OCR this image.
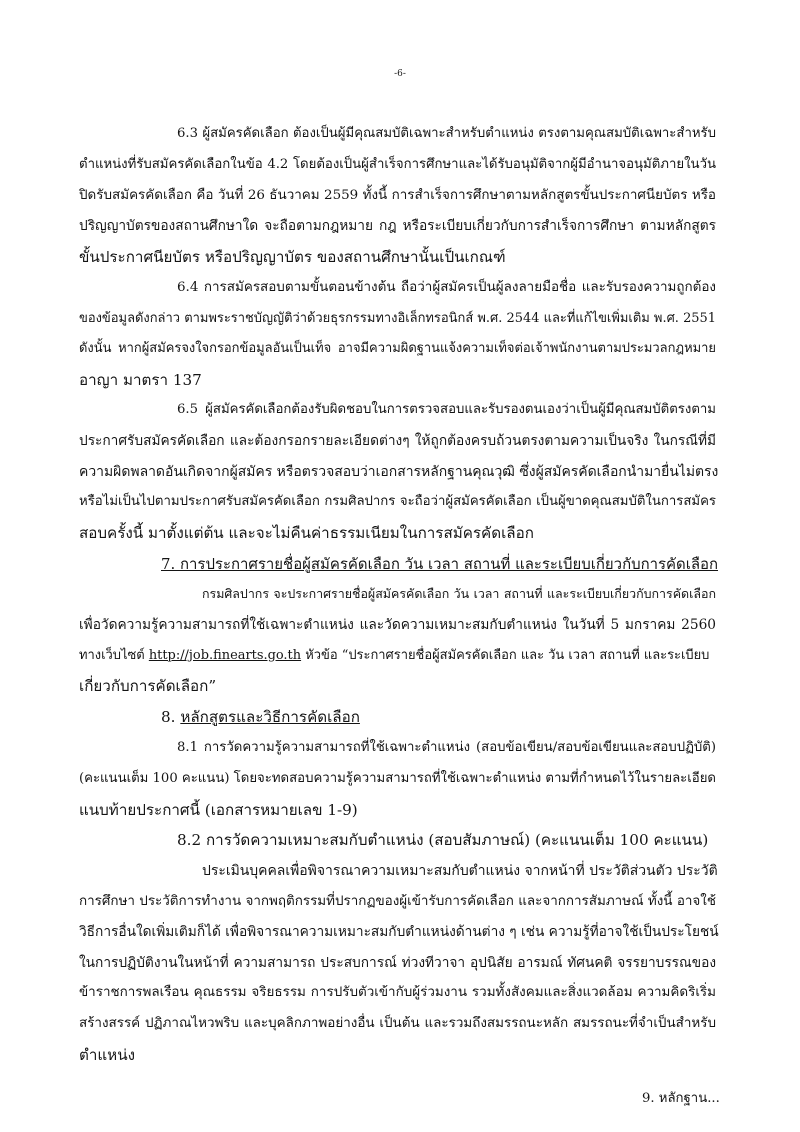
-6-
6.3 ผู้สมัครคัดเลือก ต้องเป็นผู้มีคุณสมบัติเฉพาะสำหรับตำแหน่ง ตรงตามคุณสมบัติเฉพาะสำหรับ
ตำแหน่งที่รับสมัครคัดเลือกในข้อ 4.2 โดยต้องเป็นผู้สำเร็จการศึกษาและได้รับอนุมัติจากผู้มีอำนาจอนุมัติภายในวัน
ปิดรับสมัครคัดเลือก คือ วันที่ 26 ธันวาคม 2559 ทั้งนี้ การสำเร็จการศึกษาตามหลักสูตรขั้นประกาศนียบัตร หรือ
ปริญญาบัตรของสถานศึกษาใด จะถือตามกฎหมาย กฎ หรือระเบียบเกี่ยวกับการสำเร็จการศึกษา ตามหลักสูตร
ขั้นประกาศนียบัตร หรือปริญญาบัตร ของสถานศึกษานั้นเป็นเกณฑ์
6.4 การสมัครสอบตามขั้นตอนข้างต้น ถือว่าผู้สมัครเป็นผู้ลงลายมือชื่อ และรับรองความถูกต้อง
ของข้อมูลดังกล่าว ตามพระราชบัญญัติว่าด้วยธุรกรรมทางอิเล็กทรอนิกส์ พ.ศ. 2544 และที่แก้ไขเพิ่มเติม พ.ศ. 2551
ดังนั้น หากผู้สมัครจงใจกรอกข้อมูลอันเป็นเท็จ อาจมีความผิดฐานแจ้งความเท็จต่อเจ้าพนักงานตามประมวลกฎหมาย
อาญา มาตรา 137
6.5 ผู้สมัครคัดเลือกต้องรับผิดชอบในการตรวจสอบและรับรองตนเองว่าเป็นผู้มีคุณสมบัติตรงตาม
ประกาศรับสมัครคัดเลือก และต้องกรอกรายละเอียดต่างๆ ให้ถูกต้องครบถ้วนตรงตามความเป็นจริง ในกรณีที่มี
ความผิดพลาดอันเกิดจากผู้สมัคร หรือตรวจสอบว่าเอกสารหลักฐานคุณวุฒิ ซึ่งผู้สมัครคัดเลือกนำมายื่นไม่ตรง
หรือไม่เป็นไปตามประกาศรับสมัครคัดเลือก กรมศิลปากร จะถือว่าผู้สมัครคัดเลือก เป็นผู้ขาดคุณสมบัติในการสมัคร
สอบครั้งนี้ มาตั้งแต่ต้น และจะไม่คืนค่าธรรมเนียมในการสมัครคัดเลือก
7. การประกาศรายชื่อผู้สมัครคัดเลือก วัน เวลา สถานที่ และระเบียบเกี่ยวกับการคัดเลือก
กรมศิลปากร จะประกาศรายชื่อผู้สมัครคัดเลือก วัน เวลา สถานที่ และระเบียบเกี่ยวกับการคัดเลือก
เพื่อวัดความรู้ความสามารถที่ใช้เฉพาะตำแหน่ง และวัดความเหมาะสมกับตำแหน่ง ในวันที่ 5 มกราคม 2560
ทางเว็บไซต์ http://job.finearts.go.th หัวข้อ “ประกาศรายชื่อผู้สมัครคัดเลือก และ วัน เวลา สถานที่ และระเบียบ
เกี่ยวกับการคัดเลือก”
8. หลักสูตรและวิธีการคัดเลือก
8.1 การวัดความรู้ความสามารถที่ใช้เฉพาะตำแหน่ง (สอบข้อเขียน/สอบข้อเขียนและสอบปฏิบัติ)
(คะแนนเต็ม 100 คะแนน) โดยจะทดสอบความรู้ความสามารถที่ใช้เฉพาะตำแหน่ง ตามที่กำหนดไว้ในรายละเอียด
แนบท้ายประกาศนี้ (เอกสารหมายเลข 1-9)
8.2 การวัดความเหมาะสมกับตำแหน่ง (สอบสัมภาษณ์) (คะแนนเต็ม 100 คะแนน)
ประเมินบุคคลเพื่อพิจารณาความเหมาะสมกับตำแหน่ง จากหน้าที่ ประวัติส่วนตัว ประวัติ
การศึกษา ประวัติการทำงาน จากพฤติกรรมที่ปรากฏของผู้เข้ารับการคัดเลือก และจากการสัมภาษณ์ ทั้งนี้ อาจใช้
วิธีการอื่นใดเพิ่มเติมก็ได้ เพื่อพิจารณาความเหมาะสมกับตำแหน่งด้านต่าง ๆ เช่น ความรู้ที่อาจใช้เป็นประโยชน์
ในการปฏิบัติงานในหน้าที่ ความสามารถ ประสบการณ์ ท่วงทีวาจา อุปนิสัย อารมณ์ ทัศนคติ จรรยาบรรณของ
ข้าราชการพลเรือน คุณธรรม จริยธรรม การปรับตัวเข้ากับผู้ร่วมงาน รวมทั้งสังคมและสิ่งแวดล้อม ความคิดริเริ่ม
สร้างสรรค์ ปฏิภาณไหวพริบ และบุคลิกภาพอย่างอื่น เป็นต้น และรวมถึงสมรรถนะหลัก สมรรถนะที่จำเป็นสำหรับ
ตำแหน่ง
9. หลักฐาน...
